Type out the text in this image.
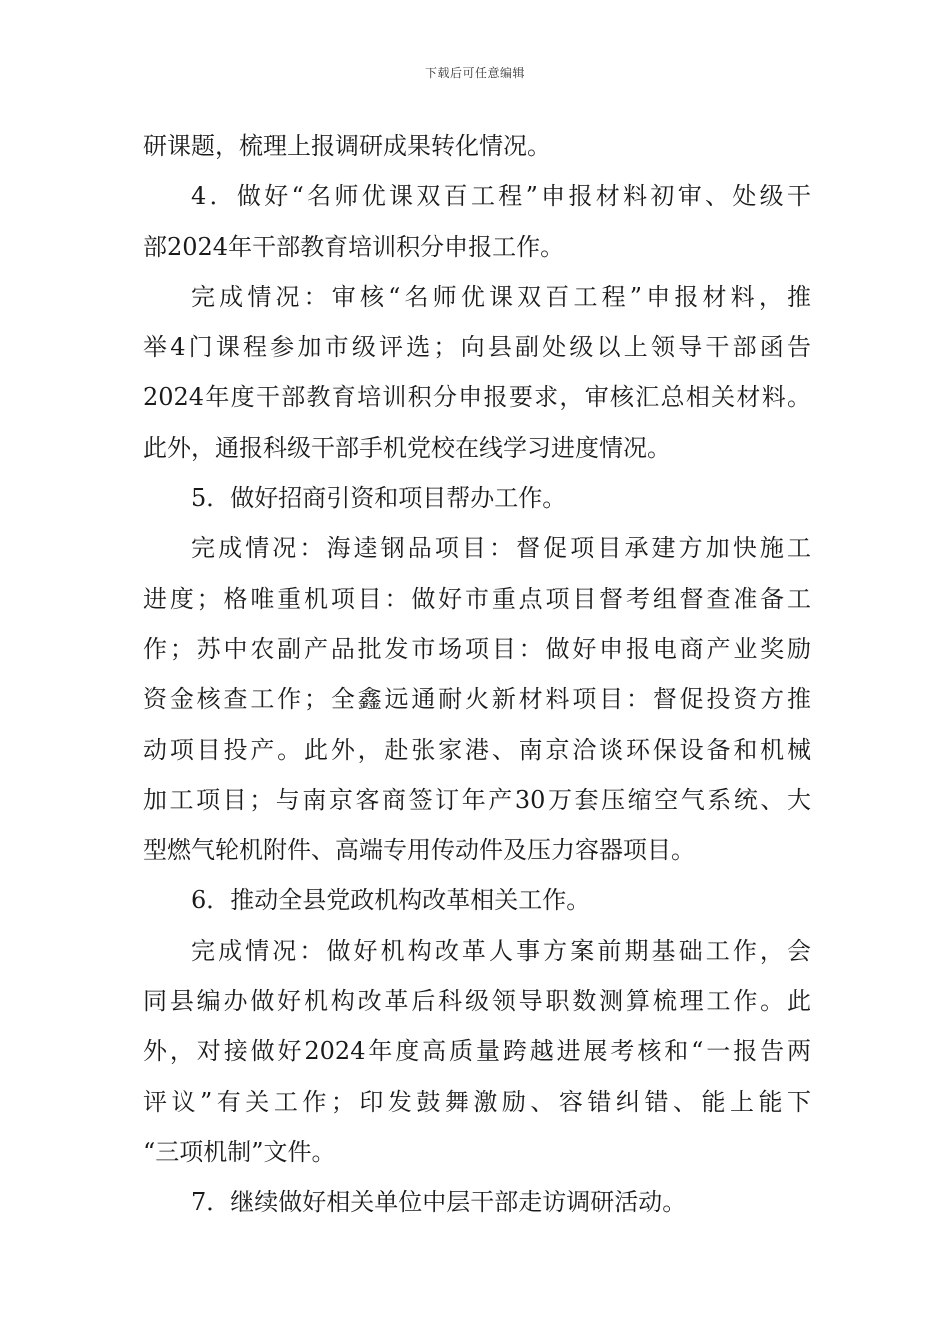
下载后可任意编辑
研课题，梳理上报调研成果转化情况。
4．做好“名师优课双百工程”申报材料初审、处级干
部2024年干部教育培训积分申报工作。
完成情况：审核“名师优课双百工程”申报材料，推
举4门课程参加市级评选；向县副处级以上领导干部函告
2024年度干部教育培训积分申报要求，审核汇总相关材料。
此外，通报科级干部手机党校在线学习进度情况。
5．做好招商引资和项目帮办工作。
完成情况：海逵钢品项目：督促项目承建方加快施工
进度；格唯重机项目：做好市重点项目督考组督查准备工
作；苏中农副产品批发市场项目：做好申报电商产业奖励
资金核查工作；全鑫远通耐火新材料项目：督促投资方推
动项目投产。此外，赴张家港、南京洽谈环保设备和机械
加工项目；与南京客商签订年产30万套压缩空气系统、大
型燃气轮机附件、高端专用传动件及压力容器项目。
6．推动全县党政机构改革相关工作。
完成情况：做好机构改革人事方案前期基础工作，会
同县编办做好机构改革后科级领导职数测算梳理工作。此
外，对接做好2024年度高质量跨越进展考核和“一报告两
评议”有关工作；印发鼓舞激励、容错纠错、能上能下
“三项机制”文件。
7．继续做好相关单位中层干部走访调研活动。
